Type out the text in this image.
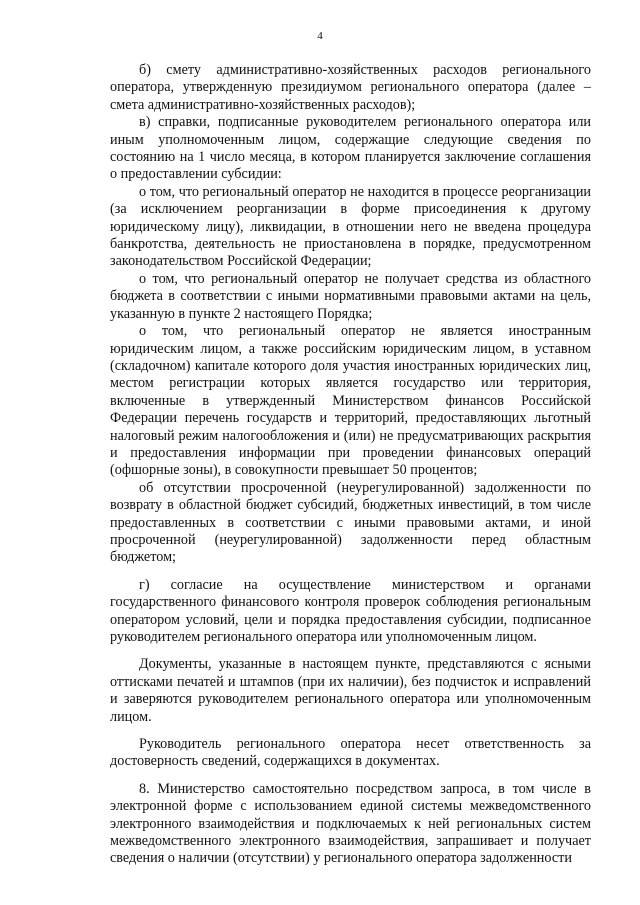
4

б) смету административно-хозяйственных расходов регионального оператора, утвержденную президиумом регионального оператора (далее – смета административно-хозяйственных расходов);

в) справки, подписанные руководителем регионального оператора или иным уполномоченным лицом, содержащие следующие сведения по состоянию на 1 число месяца, в котором планируется заключение соглашения о предоставлении субсидии:

о том, что региональный оператор не находится в процессе реорганизации (за исключением реорганизации в форме присоединения к другому юридическому лицу), ликвидации, в отношении него не введена процедура банкротства, деятельность не приостановлена в порядке, предусмотренном законодательством Российской Федерации;

о том, что региональный оператор не получает средства из областного бюджета в соответствии с иными нормативными правовыми актами на цель, указанную в пункте 2 настоящего Порядка;

о том, что региональный оператор не является иностранным юридическим лицом, а также российским юридическим лицом, в уставном (складочном) капитале которого доля участия иностранных юридических лиц, местом регистрации которых является государство или территория, включенные в утвержденный Министерством финансов Российской Федерации перечень государств и территорий, предоставляющих льготный налоговый режим налогообложения и (или) не предусматривающих раскрытия и предоставления информации при проведении финансовых операций (офшорные зоны), в совокупности превышает 50 процентов;

об отсутствии просроченной (неурегулированной) задолженности по возврату в областной бюджет субсидий, бюджетных инвестиций, в том числе предоставленных в соответствии с иными правовыми актами, и иной просроченной (неурегулированной) задолженности перед областным бюджетом;

г) согласие на осуществление министерством и органами государственного финансового контроля проверок соблюдения региональным оператором условий, цели и порядка предоставления субсидии, подписанное руководителем регионального оператора или уполномоченным лицом.

Документы, указанные в настоящем пункте, представляются с ясными оттисками печатей и штампов (при их наличии), без подчисток и исправлений и заверяются руководителем регионального оператора или уполномоченным лицом.

Руководитель регионального оператора несет ответственность за достоверность сведений, содержащихся в документах.

8. Министерство самостоятельно посредством запроса, в том числе в электронной форме с использованием единой системы межведомственного электронного взаимодействия и подключаемых к ней региональных систем межведомственного электронного взаимодействия, запрашивает и получает сведения о наличии (отсутствии) у регионального оператора задолженности
